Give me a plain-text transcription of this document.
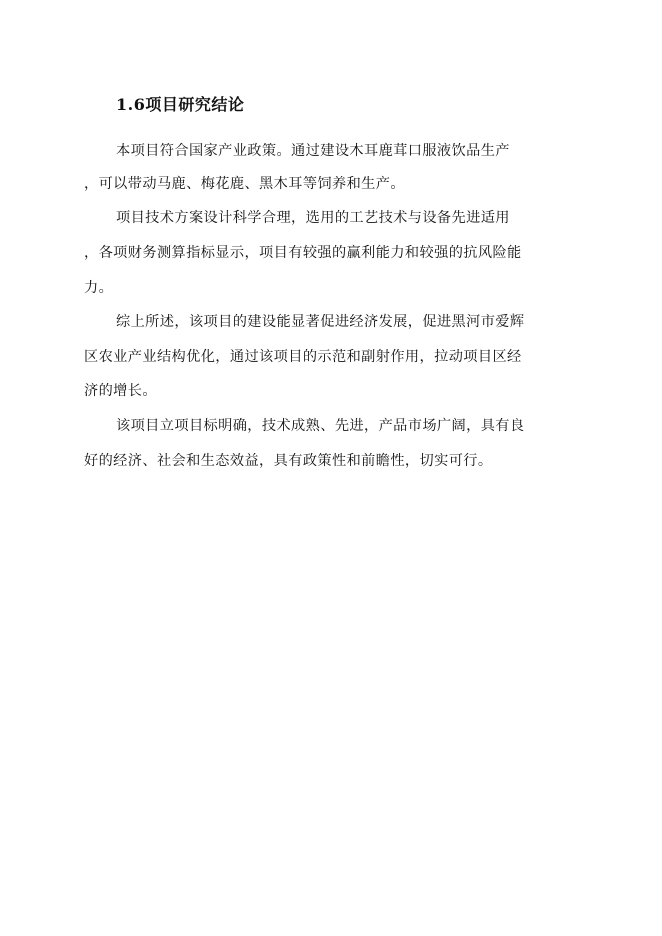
1.6项目研究结论
本项目符合国家产业政策。通过建设木耳鹿茸口服液饮品生产
，可以带动马鹿、梅花鹿、黑木耳等饲养和生产。
项目技术方案设计科学合理，选用的工艺技术与设备先进适用
，各项财务测算指标显示，项目有较强的赢利能力和较强的抗风险能
力。
综上所述，该项目的建设能显著促进经济发展，促进黑河市爱辉
区农业产业结构优化，通过该项目的示范和副射作用，拉动项目区经
济的增长。
该项目立项目标明确，技术成熟、先进，产品市场广阔，具有良
好的经济、社会和生态效益，具有政策性和前瞻性，切实可行。
